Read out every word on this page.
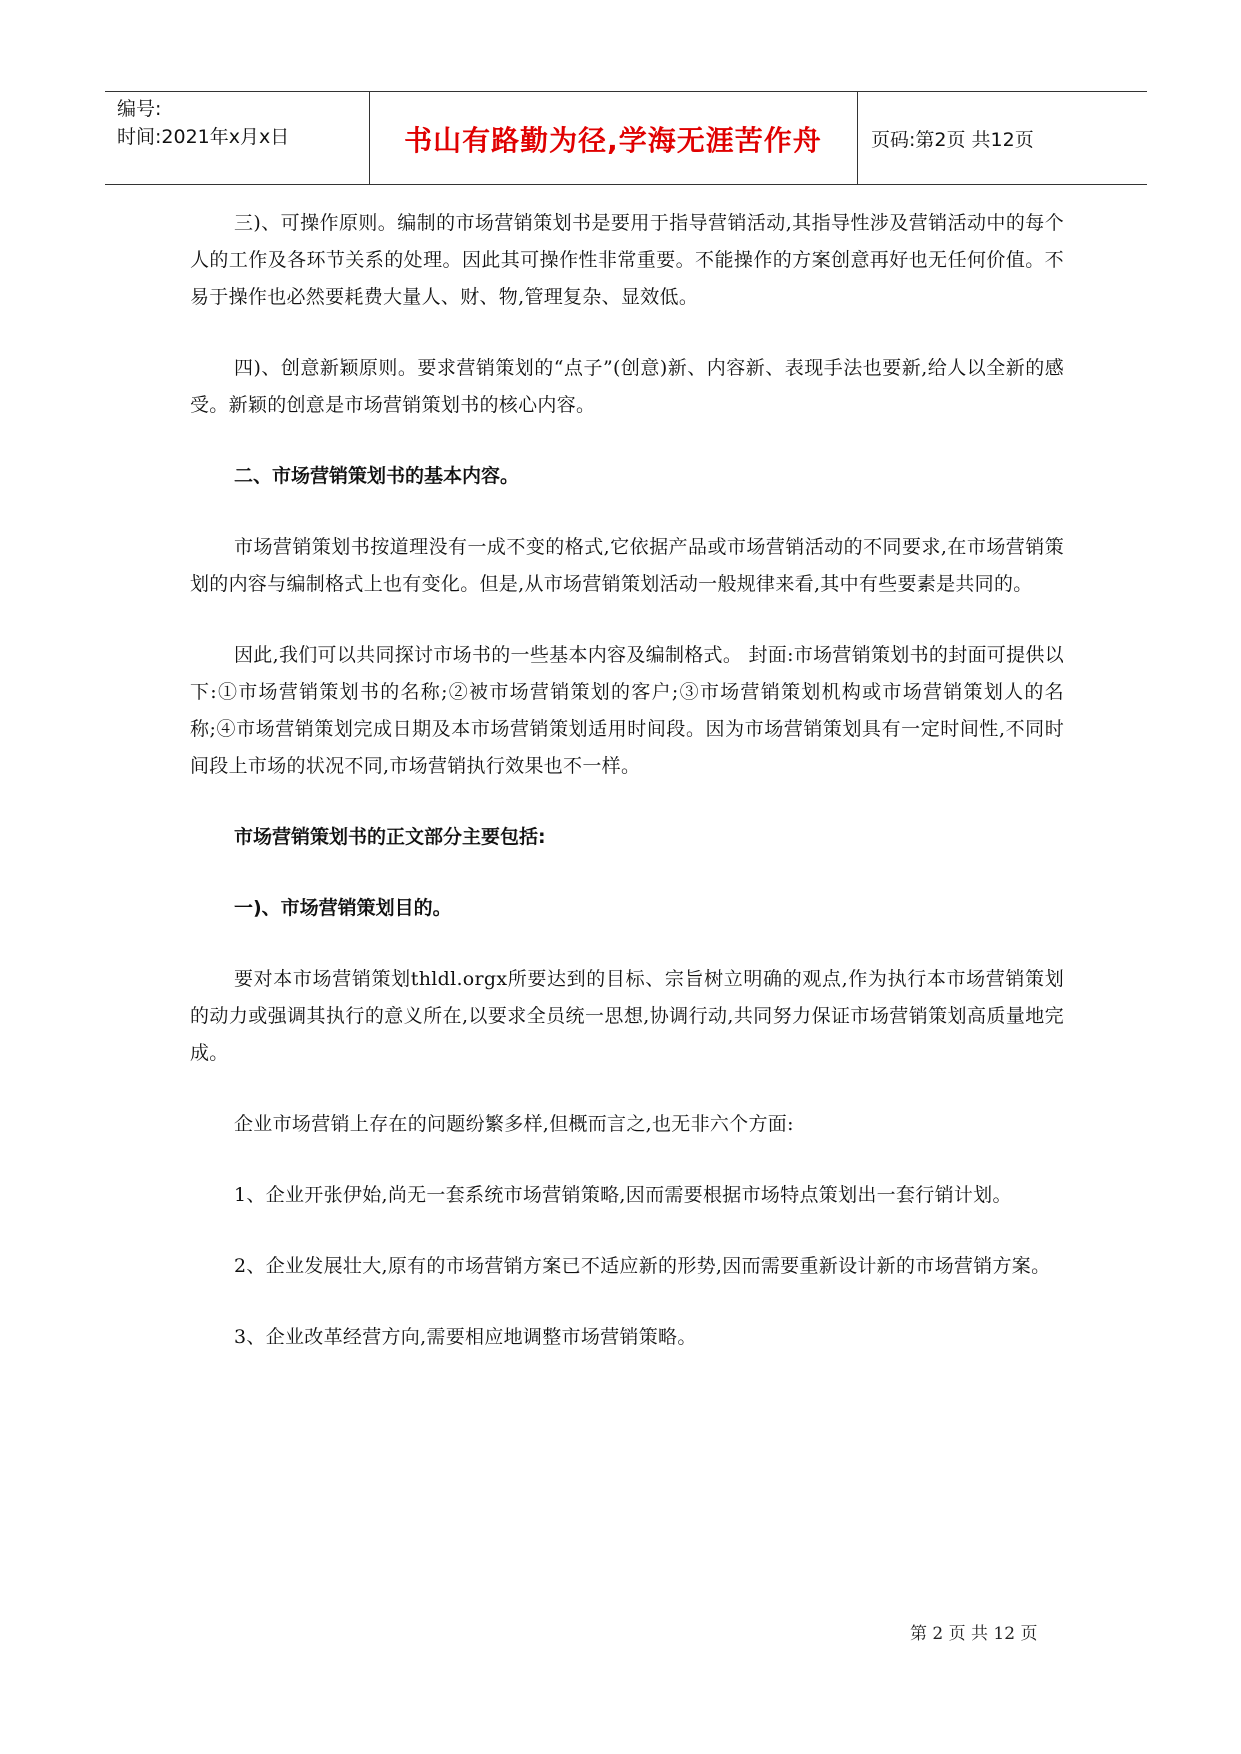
编号:
时间:2021年x月x日	书山有路勤为径,学海无涯苦作舟	页码:第2页 共12页

三)、可操作原则。编制的市场营销策划书是要用于指导营销活动,其指导性涉及营销活动中的每个人的工作及各环节关系的处理。因此其可操作性非常重要。不能操作的方案创意再好也无任何价值。不易于操作也必然要耗费大量人、财、物,管理复杂、显效低。

四)、创意新颖原则。要求营销策划的“点子”(创意)新、内容新、表现手法也要新,给人以全新的感受。新颖的创意是市场营销策划书的核心内容。

二、市场营销策划书的基本内容。

市场营销策划书按道理没有一成不变的格式,它依据产品或市场营销活动的不同要求,在市场营销策划的内容与编制格式上也有变化。但是,从市场营销策划活动一般规律来看,其中有些要素是共同的。

因此,我们可以共同探讨市场书的一些基本内容及编制格式。 封面:市场营销策划书的封面可提供以下:①市场营销策划书的名称;②被市场营销策划的客户;③市场营销策划机构或市场营销策划人的名称;④市场营销策划完成日期及本市场营销策划适用时间段。因为市场营销策划具有一定时间性,不同时间段上市场的状况不同,市场营销执行效果也不一样。

市场营销策划书的正文部分主要包括:

一)、市场营销策划目的。

要对本市场营销策划thldl.orgx所要达到的目标、宗旨树立明确的观点,作为执行本市场营销策划的动力或强调其执行的意义所在,以要求全员统一思想,协调行动,共同努力保证市场营销策划高质量地完成。

企业市场营销上存在的问题纷繁多样,但概而言之,也无非六个方面:

1、企业开张伊始,尚无一套系统市场营销策略,因而需要根据市场特点策划出一套行销计划。

2、企业发展壮大,原有的市场营销方案已不适应新的形势,因而需要重新设计新的市场营销方案。

3、企业改革经营方向,需要相应地调整市场营销策略。

第 2 页 共 12 页
